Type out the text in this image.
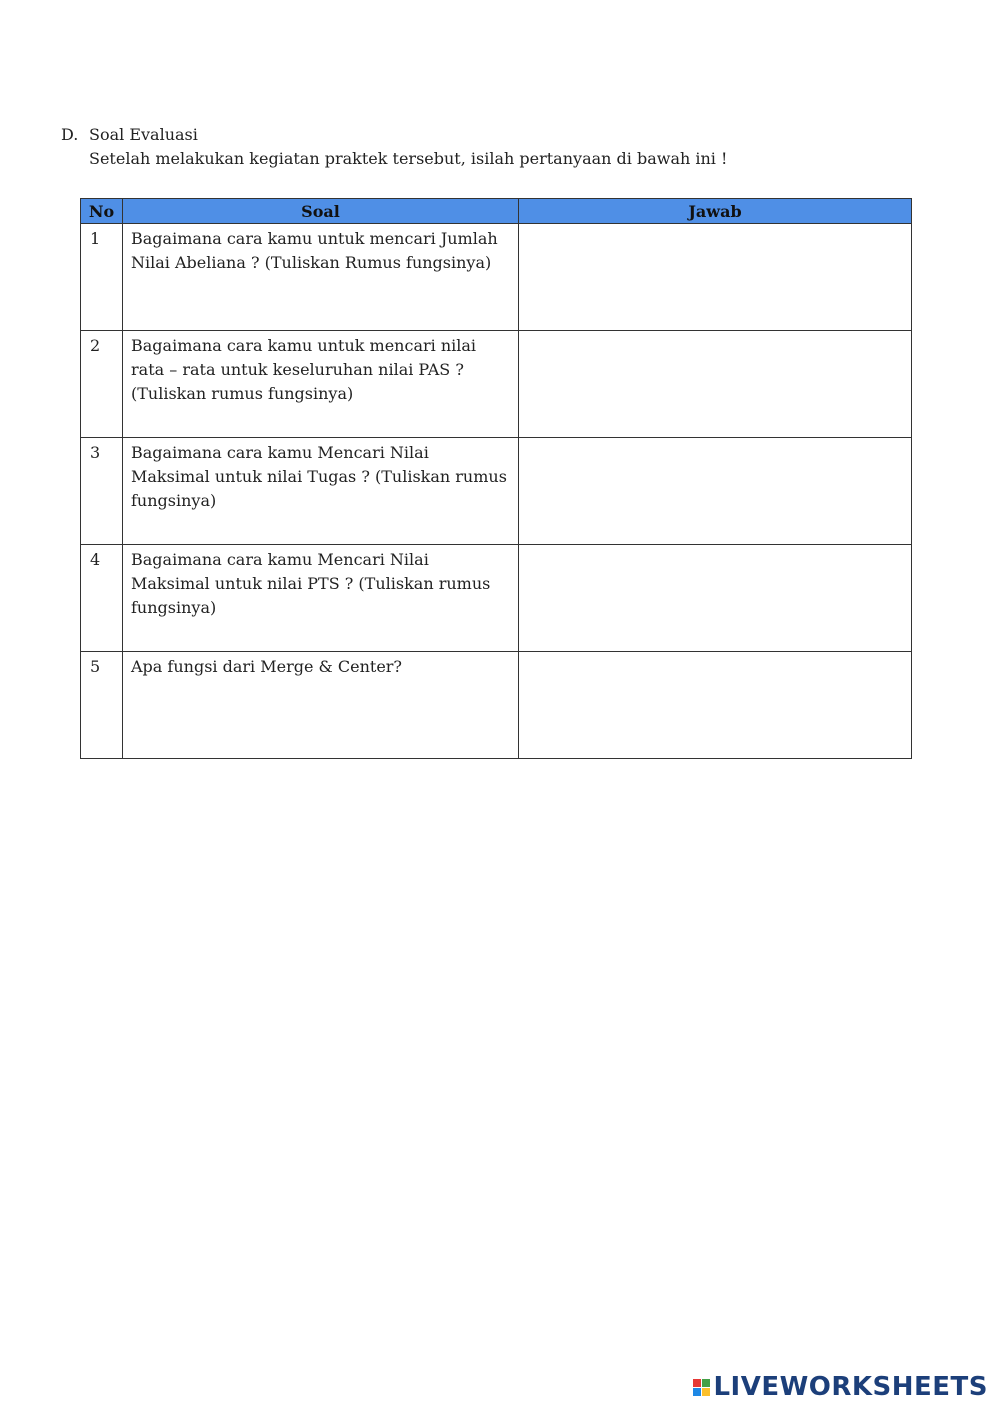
D. Soal Evaluasi
Setelah melakukan kegiatan praktek tersebut, isilah pertanyaan di bawah ini !
No	Soal	Jawab
1	Bagaimana cara kamu untuk mencari Jumlah Nilai Abeliana ? (Tuliskan Rumus fungsinya)	
2	Bagaimana cara kamu untuk mencari nilai rata – rata untuk keseluruhan nilai PAS ? (Tuliskan rumus fungsinya)	
3	Bagaimana cara kamu Mencari Nilai Maksimal untuk nilai Tugas ? (Tuliskan rumus fungsinya)	
4	Bagaimana cara kamu Mencari Nilai Maksimal untuk nilai PTS ? (Tuliskan rumus fungsinya)	
5	Apa fungsi dari Merge & Center?	
LIVEWORKSHEETS
